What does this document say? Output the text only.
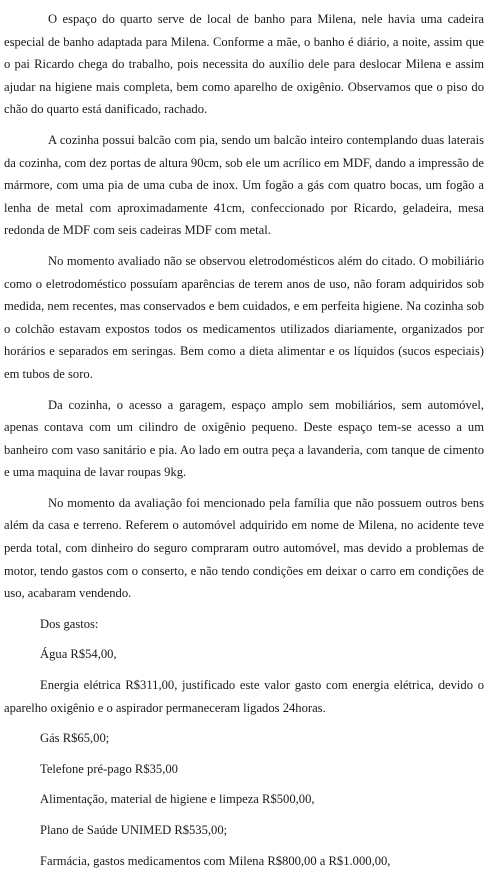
O espaço do quarto serve de local de banho para Milena, nele havia uma cadeira especial de banho adaptada para Milena. Conforme a mãe, o banho é diário, a noite, assim que o pai Ricardo chega do trabalho, pois necessita do auxílio dele para deslocar Milena e assim ajudar na higiene mais completa, bem como aparelho de oxigênio. Observamos que o piso do chão do quarto está danificado, rachado.

A cozinha possui balcão com pia, sendo um balcão inteiro contemplando duas laterais da cozinha, com dez portas de altura 90cm, sob ele um acrílico em MDF, dando a impressão de mármore, com uma pia de uma cuba de inox. Um fogão a gás com quatro bocas, um fogão a lenha de metal com aproximadamente 41cm, confeccionado por Ricardo, geladeira, mesa redonda de MDF com seis cadeiras MDF com metal.

No momento avaliado não se observou eletrodomésticos além do citado. O mobiliário como o eletrodoméstico possuíam aparências de terem anos de uso, não foram adquiridos sob medida, nem recentes, mas conservados e bem cuidados, e em perfeita higiene. Na cozinha sob o colchão estavam expostos todos os medicamentos utilizados diariamente, organizados por horários e separados em seringas. Bem como a dieta alimentar e os líquidos (sucos especiais) em tubos de soro.

Da cozinha, o acesso a garagem, espaço amplo sem mobiliários, sem automóvel, apenas contava com um cilindro de oxigênio pequeno. Deste espaço tem-se acesso a um banheiro com vaso sanitário e pia. Ao lado em outra peça a lavanderia, com tanque de cimento e uma maquina de lavar roupas 9kg.

No momento da avaliação foi mencionado pela família que não possuem outros bens além da casa e terreno. Referem o automóvel adquirido em nome de Milena, no acidente teve perda total, com dinheiro do seguro compraram outro automóvel, mas devido a problemas de motor, tendo gastos com o conserto, e não tendo condições em deixar o carro em condições de uso, acabaram vendendo.

Dos gastos:

Água R$54,00,

Energia elétrica R$311,00, justificado este valor gasto com energia elétrica, devido o aparelho oxigênio e o aspirador permaneceram ligados 24horas.

Gás R$65,00;

Telefone pré-pago R$35,00

Alimentação, material de higiene e limpeza R$500,00,

Plano de Saúde UNIMED R$535,00;

Farmácia, gastos medicamentos com Milena R$800,00 a R$1.000,00,
